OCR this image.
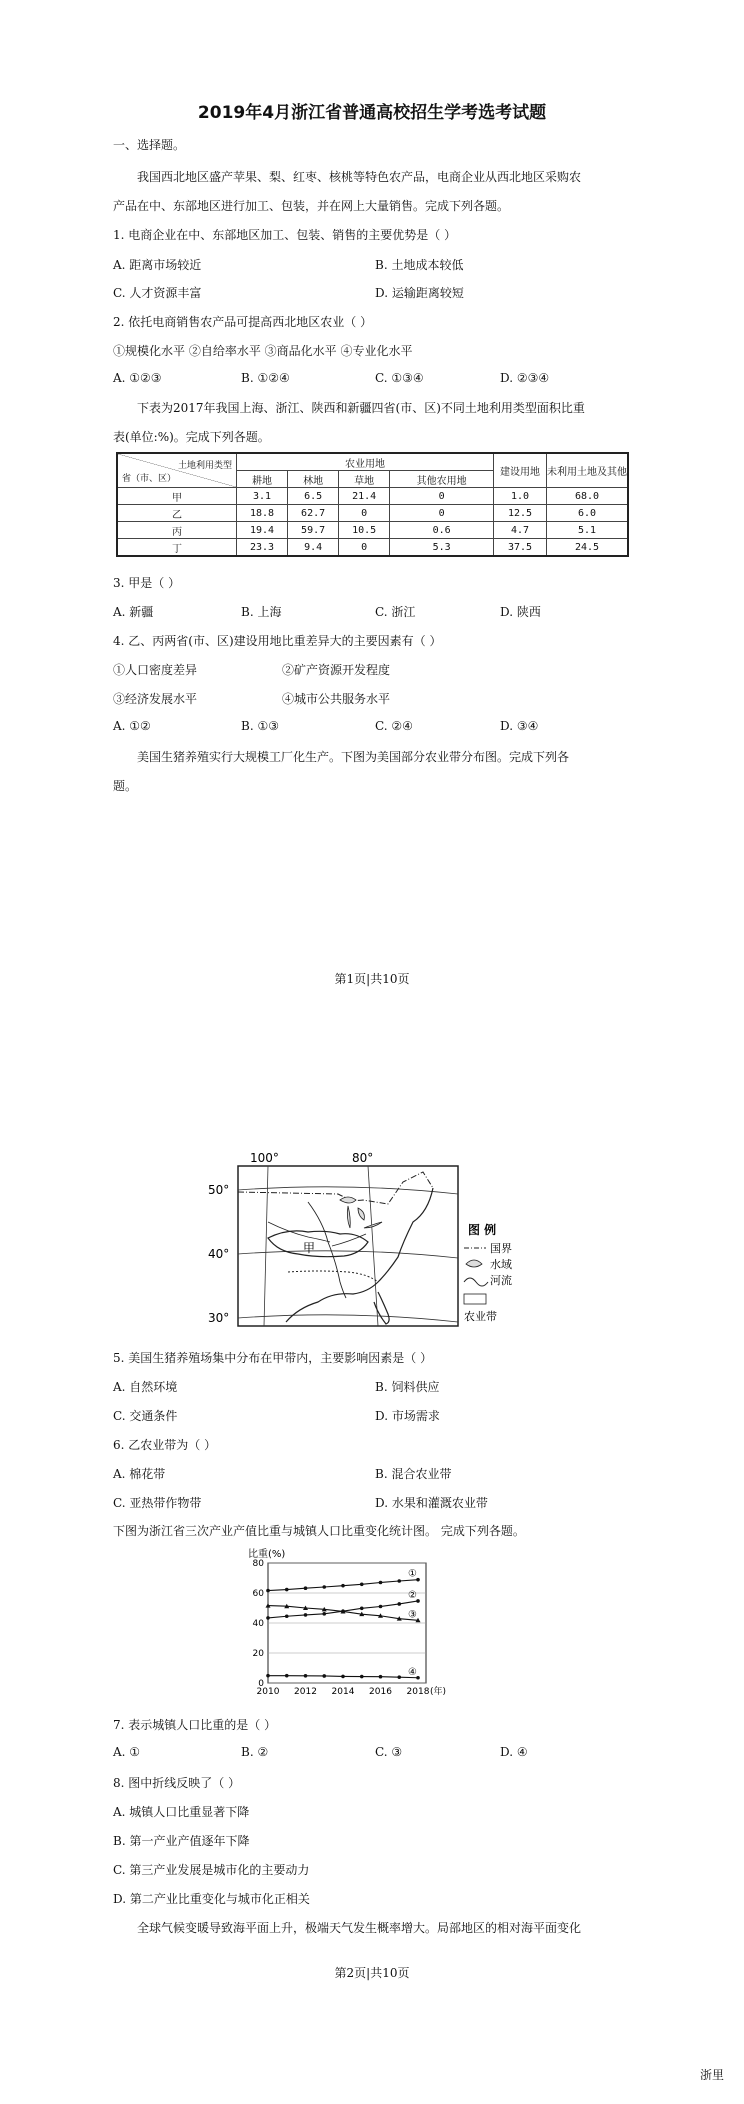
2019年4月浙江省普通高校招生学考选考试题
一、选择题。
我国西北地区盛产苹果、梨、红枣、核桃等特色农产品，电商企业从西北地区采购农
产品在中、东部地区进行加工、包装，并在网上大量销售。完成下列各题。
1. 电商企业在中、东部地区加工、包装、销售的主要优势是（ ）
A. 距离市场较近	B. 土地成本较低
C. 人才资源丰富	D. 运输距离较短
2. 依托电商销售农产品可提高西北地区农业（ ）
①规模化水平 ②自给率水平 ③商品化水平 ④专业化水平
A. ①②③	B. ①②④	C. ①③④	D. ②③④
下表为2017年我国上海、浙江、陕西和新疆四省(市、区)不同土地利用类型面积比重
表(单位:%)。完成下列各题。
土地利用类型
省（市、区）	农业用地				建设用地	未利用土地及其他
	耕地	林地	草地	其他农用地		
甲	3.1	6.5	21.4	0	1.0	68.0
乙	18.8	62.7	0	0	12.5	6.0
丙	19.4	59.7	10.5	0.6	4.7	5.1
丁	23.3	9.4	0	5.3	37.5	24.5
3. 甲是（ ）
A. 新疆	B. 上海	C. 浙江	D. 陕西
4. 乙、丙两省(市、区)建设用地比重差异大的主要因素有（ ）
①人口密度差异	②矿产资源开发程度
③经济发展水平	④城市公共服务水平
A. ①②	B. ①③	C. ②④	D. ③④
美国生猪养殖实行大规模工厂化生产。下图为美国部分农业带分布图。完成下列各
题。
第1页|共10页
100°	80°
50°
40°
30°
甲
图 例
国界
水域
河流
农业带
5. 美国生猪养殖场集中分布在甲带内，主要影响因素是（ ）
A. 自然环境	B. 饲料供应
C. 交通条件	D. 市场需求
6. 乙农业带为（ ）
A. 棉花带	B. 混合农业带
C. 亚热带作物带	D. 水果和灌溉农业带
下图为浙江省三次产业产值比重与城镇人口比重变化统计图。 完成下列各题。
比重(%)
①
②
③
④
0
20
40
60
80
2010 2012 2014 2016 2018 (年)
7. 表示城镇人口比重的是（ ）
A. ①	B. ②	C. ③	D. ④
8. 图中折线反映了（ ）
A. 城镇人口比重显著下降
B. 第一产业产值逐年下降
C. 第三产业发展是城市化的主要动力
D. 第二产业比重变化与城市化正相关
全球气候变暖导致海平面上升，极端天气发生概率增大。局部地区的相对海平面变化
第2页|共10页
浙里
